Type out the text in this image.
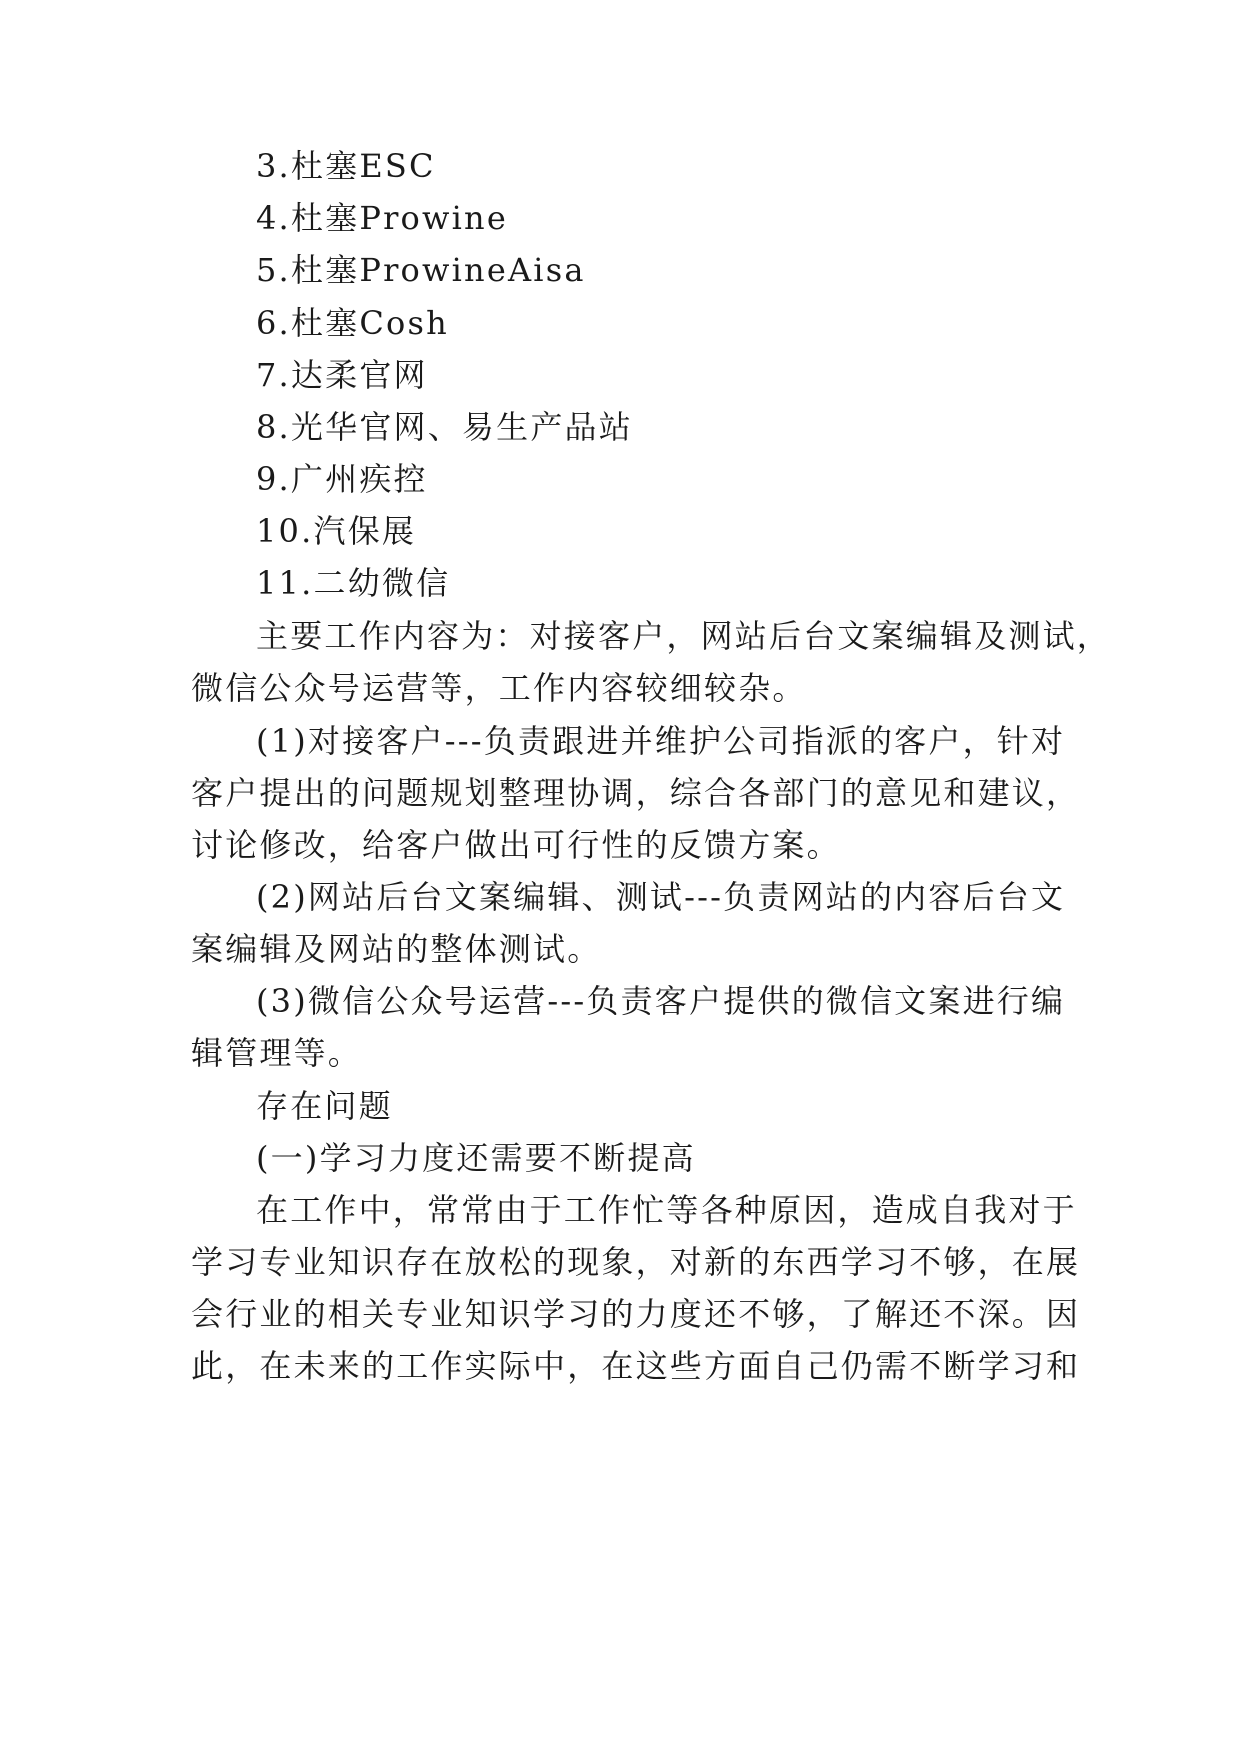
3.杜塞ESC
4.杜塞Prowine
5.杜塞ProwineAisa
6.杜塞Cosh
7.达柔官网
8.光华官网、易生产品站
9.广州疾控
10.汽保展
11.二幼微信
主要工作内容为：对接客户，网站后台文案编辑及测试，
微信公众号运营等，工作内容较细较杂。
(1)对接客户---负责跟进并维护公司指派的客户，针对
客户提出的问题规划整理协调，综合各部门的意见和建议，
讨论修改，给客户做出可行性的反馈方案。
(2)网站后台文案编辑、测试---负责网站的内容后台文
案编辑及网站的整体测试。
(3)微信公众号运营---负责客户提供的微信文案进行编
辑管理等。
存在问题
(一)学习力度还需要不断提高
在工作中，常常由于工作忙等各种原因，造成自我对于
学习专业知识存在放松的现象，对新的东西学习不够，在展
会行业的相关专业知识学习的力度还不够，了解还不深。因
此，在未来的工作实际中，在这些方面自己仍需不断学习和
